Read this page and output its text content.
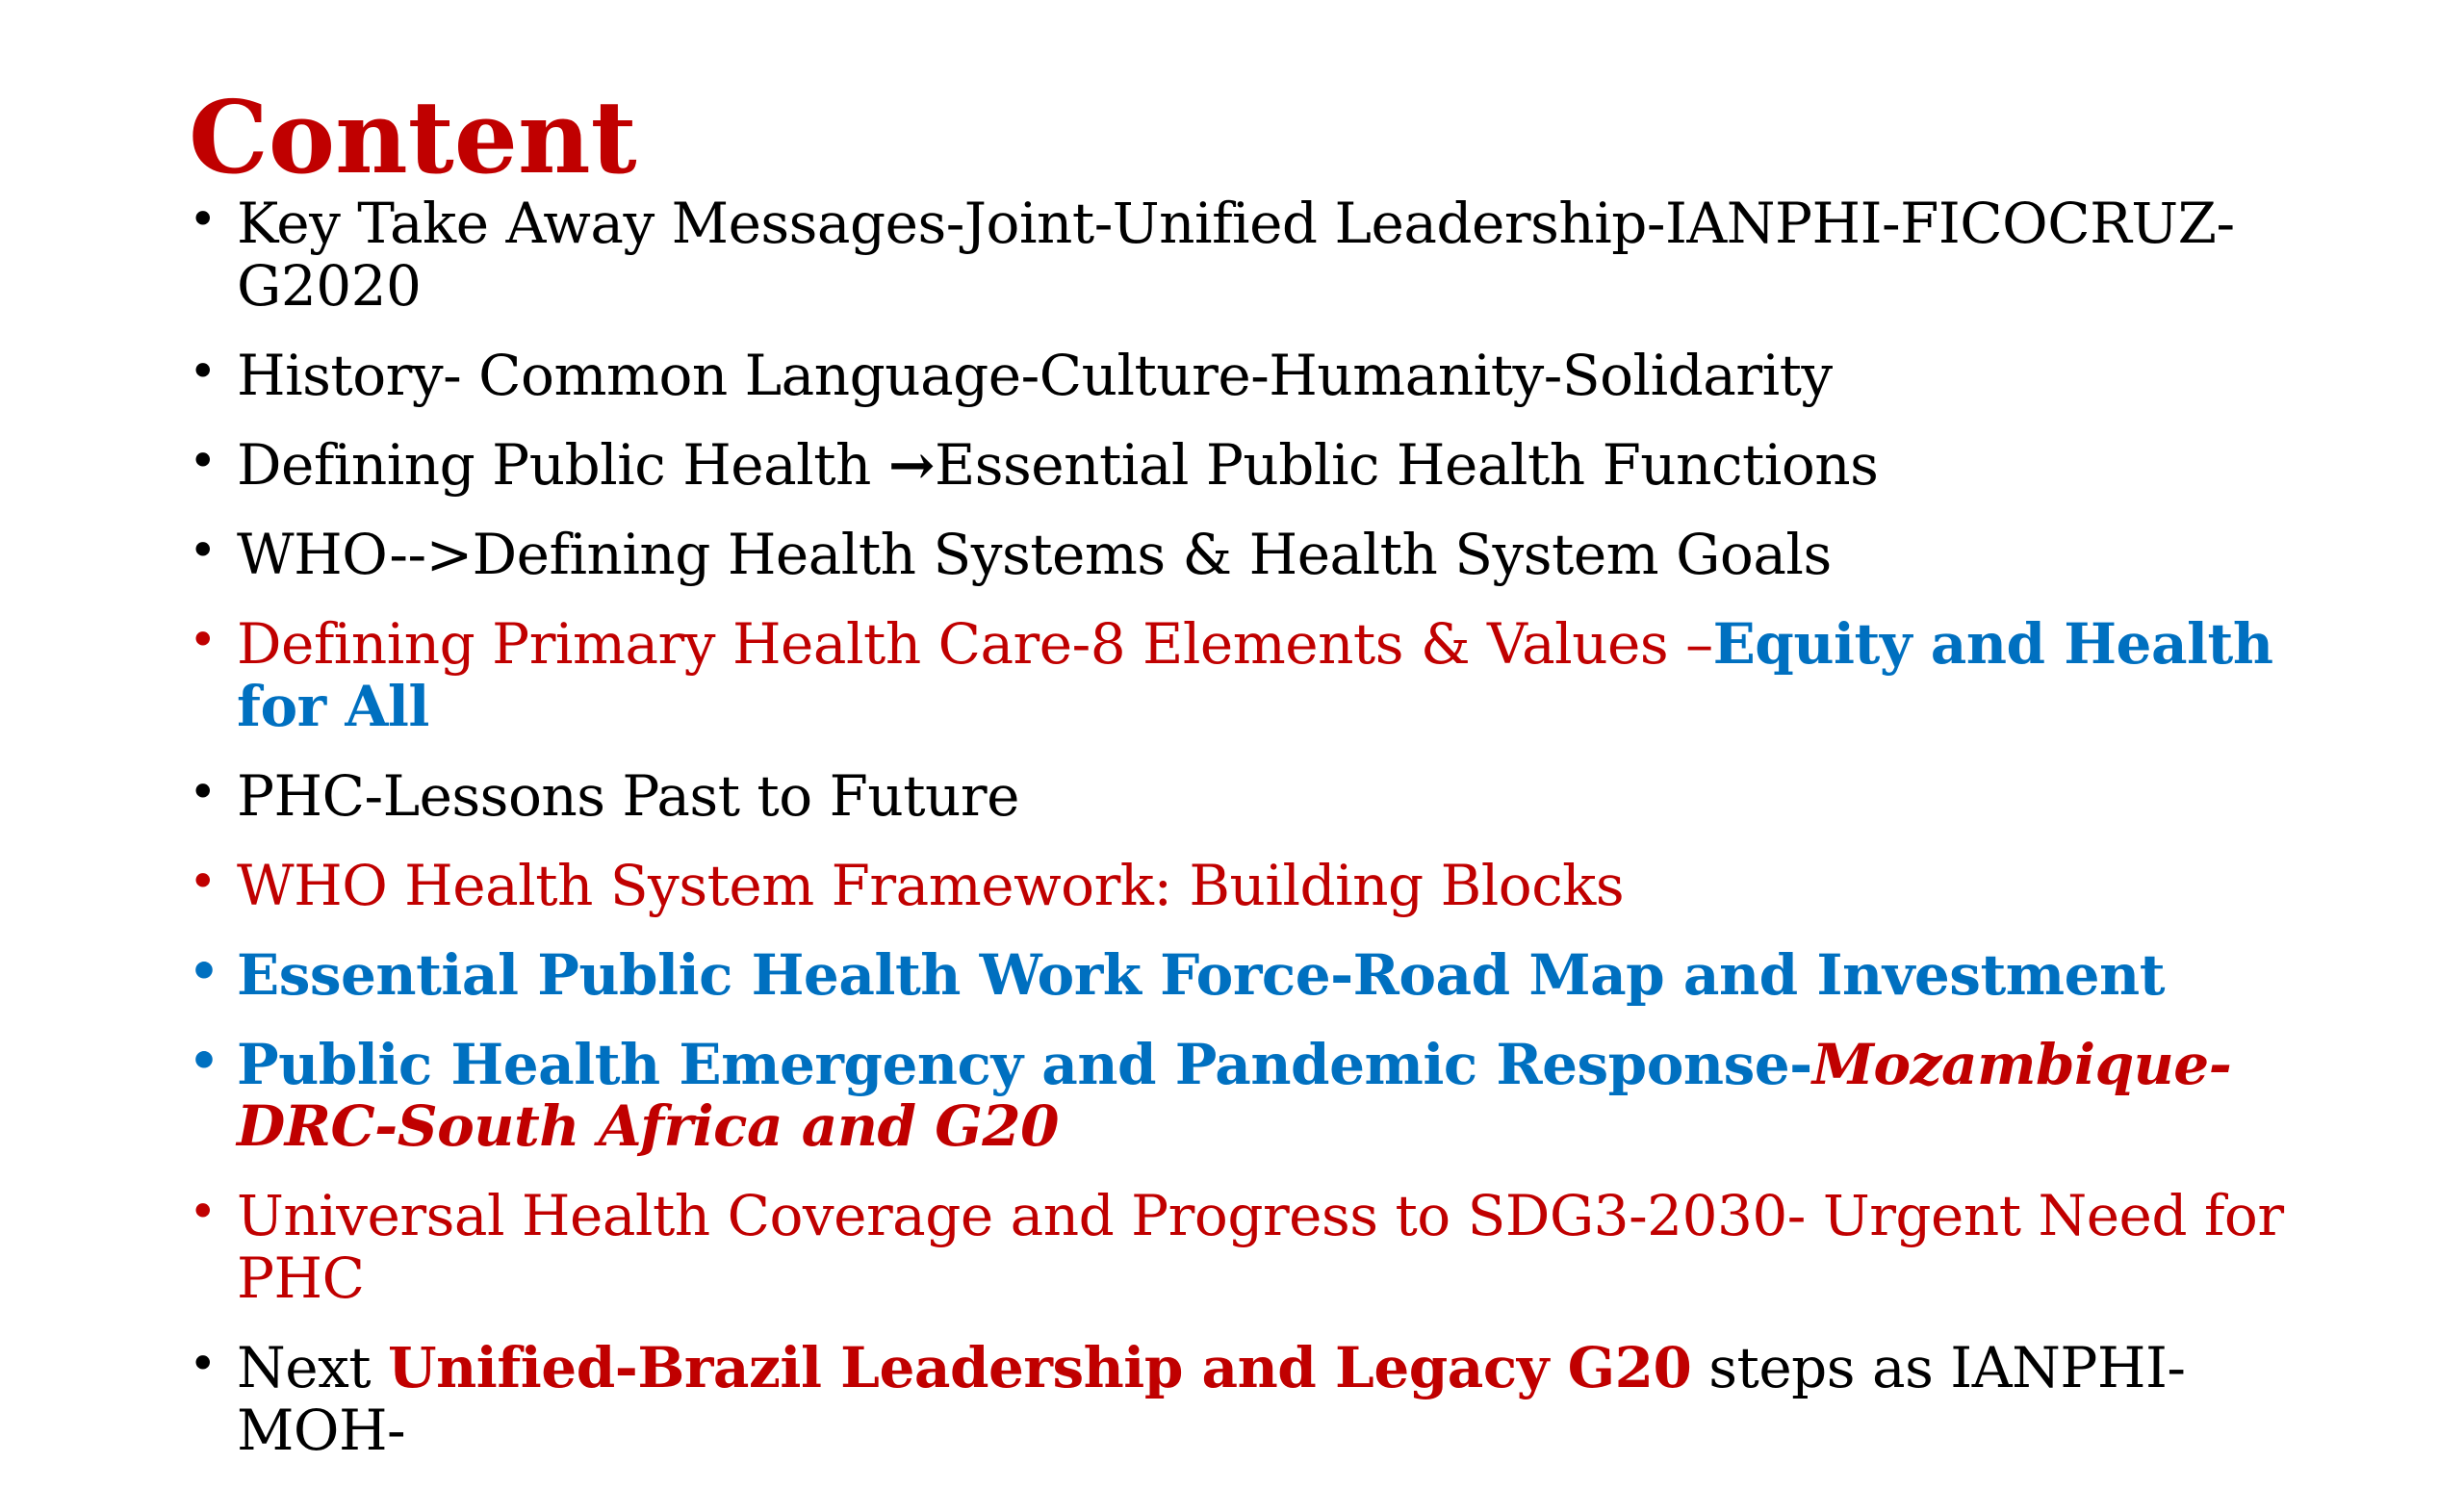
Content
• Key Take Away Messages-Joint-Unified Leadership-IANPHI-FICOCRUZ-G2020
• History- Common Language-Culture-Humanity-Solidarity
• Defining Public Health →Essential Public Health Functions
• WHO-->Defining Health Systems & Health System Goals
• Defining Primary Health Care-8 Elements & Values –Equity and Health for All
• PHC-Lessons Past to Future
• WHO Health System Framework: Building Blocks
• Essential Public Health Work Force-Road Map and Investment
• Public Health Emergency and Pandemic Response-Mozambique-DRC-South Africa and G20
• Universal Health Coverage and Progress to SDG3-2030- Urgent Need for PHC
• Next Unified-Brazil Leadership and Legacy G20 steps as IANPHI- MOH-
